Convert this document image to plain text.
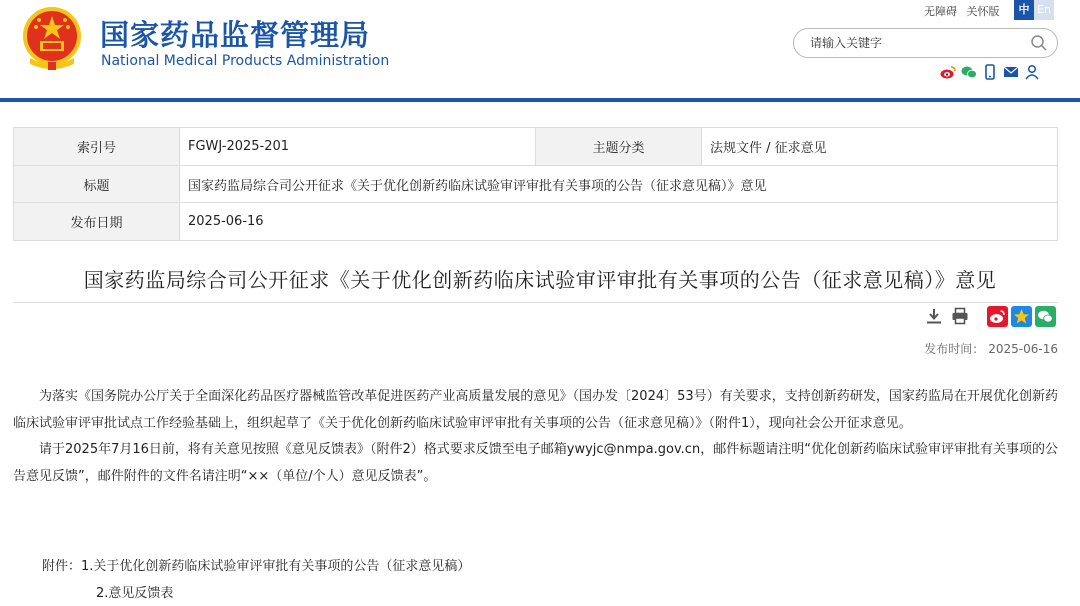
国家药品监督管理局
National Medical Products Administration
无障碍 关怀版	中 En
请输入关键字
索引号	FGWJ-2025-201	主题分类	法规文件 / 征求意见
标题	国家药监局综合司公开征求《关于优化创新药临床试验审评审批有关事项的公告（征求意见稿）》意见		
发布日期	2025-06-16		
国家药监局综合司公开征求《关于优化创新药临床试验审评审批有关事项的公告（征求意见稿）》意见
发布时间： 2025-06-16

为落实《国务院办公厅关于全面深化药品医疗器械监管改革促进医药产业高质量发展的意见》（国办发〔2024〕53号）有关要求，支持创新药研发，国家药监局在开展优化创新药临床试验审评审批试点工作经验基础上，组织起草了《关于优化创新药临床试验审评审批有关事项的公告（征求意见稿）》（附件1），现向社会公开征求意见。

请于2025年7月16日前，将有关意见按照《意见反馈表》（附件2）格式要求反馈至电子邮箱ywyjc@nmpa.gov.cn，邮件标题请注明“优化创新药临床试验审评审批有关事项的公告意见反馈”，邮件附件的文件名请注明“××（单位/个人）意见反馈表”。

附件：1.关于优化创新药临床试验审评审批有关事项的公告（征求意见稿）
2.意见反馈表
